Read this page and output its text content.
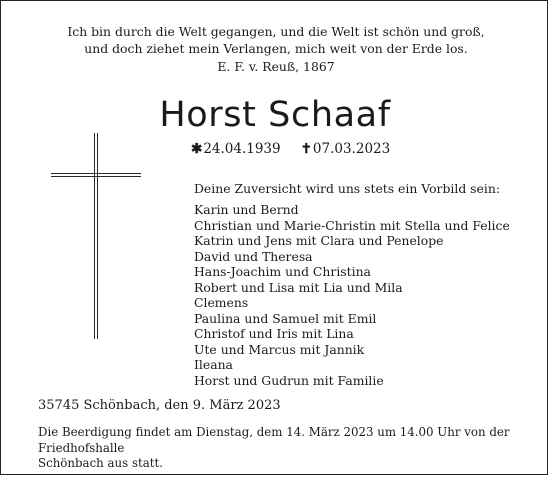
Ich bin durch die Welt gegangen, und die Welt ist schön und groß,

und doch ziehet mein Verlangen, mich weit von der Erde los.

E. F. v. Reuß, 1867

Horst Schaaf
✱24.04.1939 ✝07.03.2023

Deine Zuversicht wird uns stets ein Vorbild sein:

Karin und Bernd
Christian und Marie-Christin mit Stella und Felice
Katrin und Jens mit Clara und Penelope
David und Theresa
Hans-Joachim und Christina
Robert und Lisa mit Lia und Mila
Clemens
Paulina und Samuel mit Emil
Christof und Iris mit Lina
Ute und Marcus mit Jannik
Ileana
Horst und Gudrun mit Familie

35745 Schönbach, den 9. März 2023

Die Beerdigung findet am Dienstag, dem 14. März 2023 um 14.00 Uhr von der Friedhofshalle
Schönbach aus statt.
